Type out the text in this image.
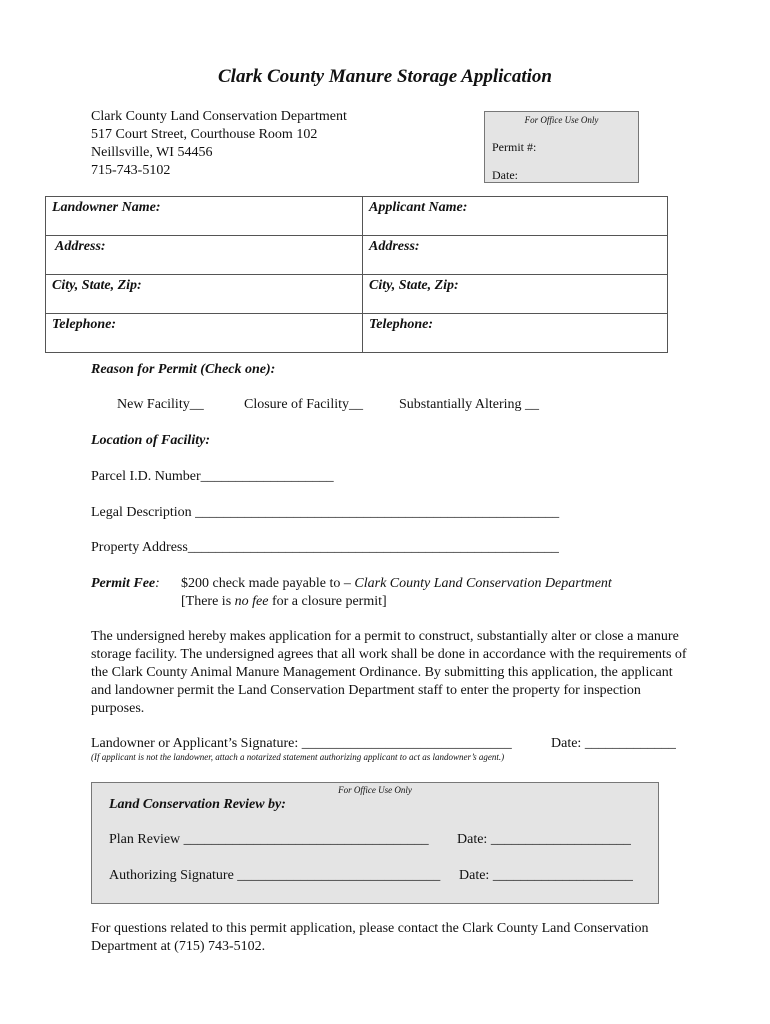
Clark County Manure Storage Application
Clark County Land Conservation Department
517 Court Street, Courthouse Room 102
Neillsville, WI 54456
715-743-5102
For Office Use Only
Permit #:
Date:
Landowner Name:	Applicant Name:
Address:	Address:
City, State, Zip:	City, State, Zip:
Telephone:	Telephone:
Reason for Permit (Check one):
New Facility__	Closure of Facility__	Substantially Altering __
Location of Facility:
Parcel I.D. Number___________________
Legal Description ____________________________________________________
Property Address_____________________________________________________
Permit Fee: $200 check made payable to – Clark County Land Conservation Department
[There is no fee for a closure permit]
The undersigned hereby makes application for a permit to construct, substantially alter or close a manure storage facility. The undersigned agrees that all work shall be done in accordance with the requirements of the Clark County Animal Manure Management Ordinance. By submitting this application, the applicant and landowner permit the Land Conservation Department staff to enter the property for inspection purposes.
Landowner or Applicant’s Signature: ______________________________	Date: _____________
(If applicant is not the landowner, attach a notarized statement authorizing applicant to act as landowner’s agent.)
For Office Use Only
Land Conservation Review by:
Plan Review ___________________________________ Date: ____________________
Authorizing Signature _____________________________ Date: ____________________
For questions related to this permit application, please contact the Clark County Land Conservation Department at (715) 743-5102.
